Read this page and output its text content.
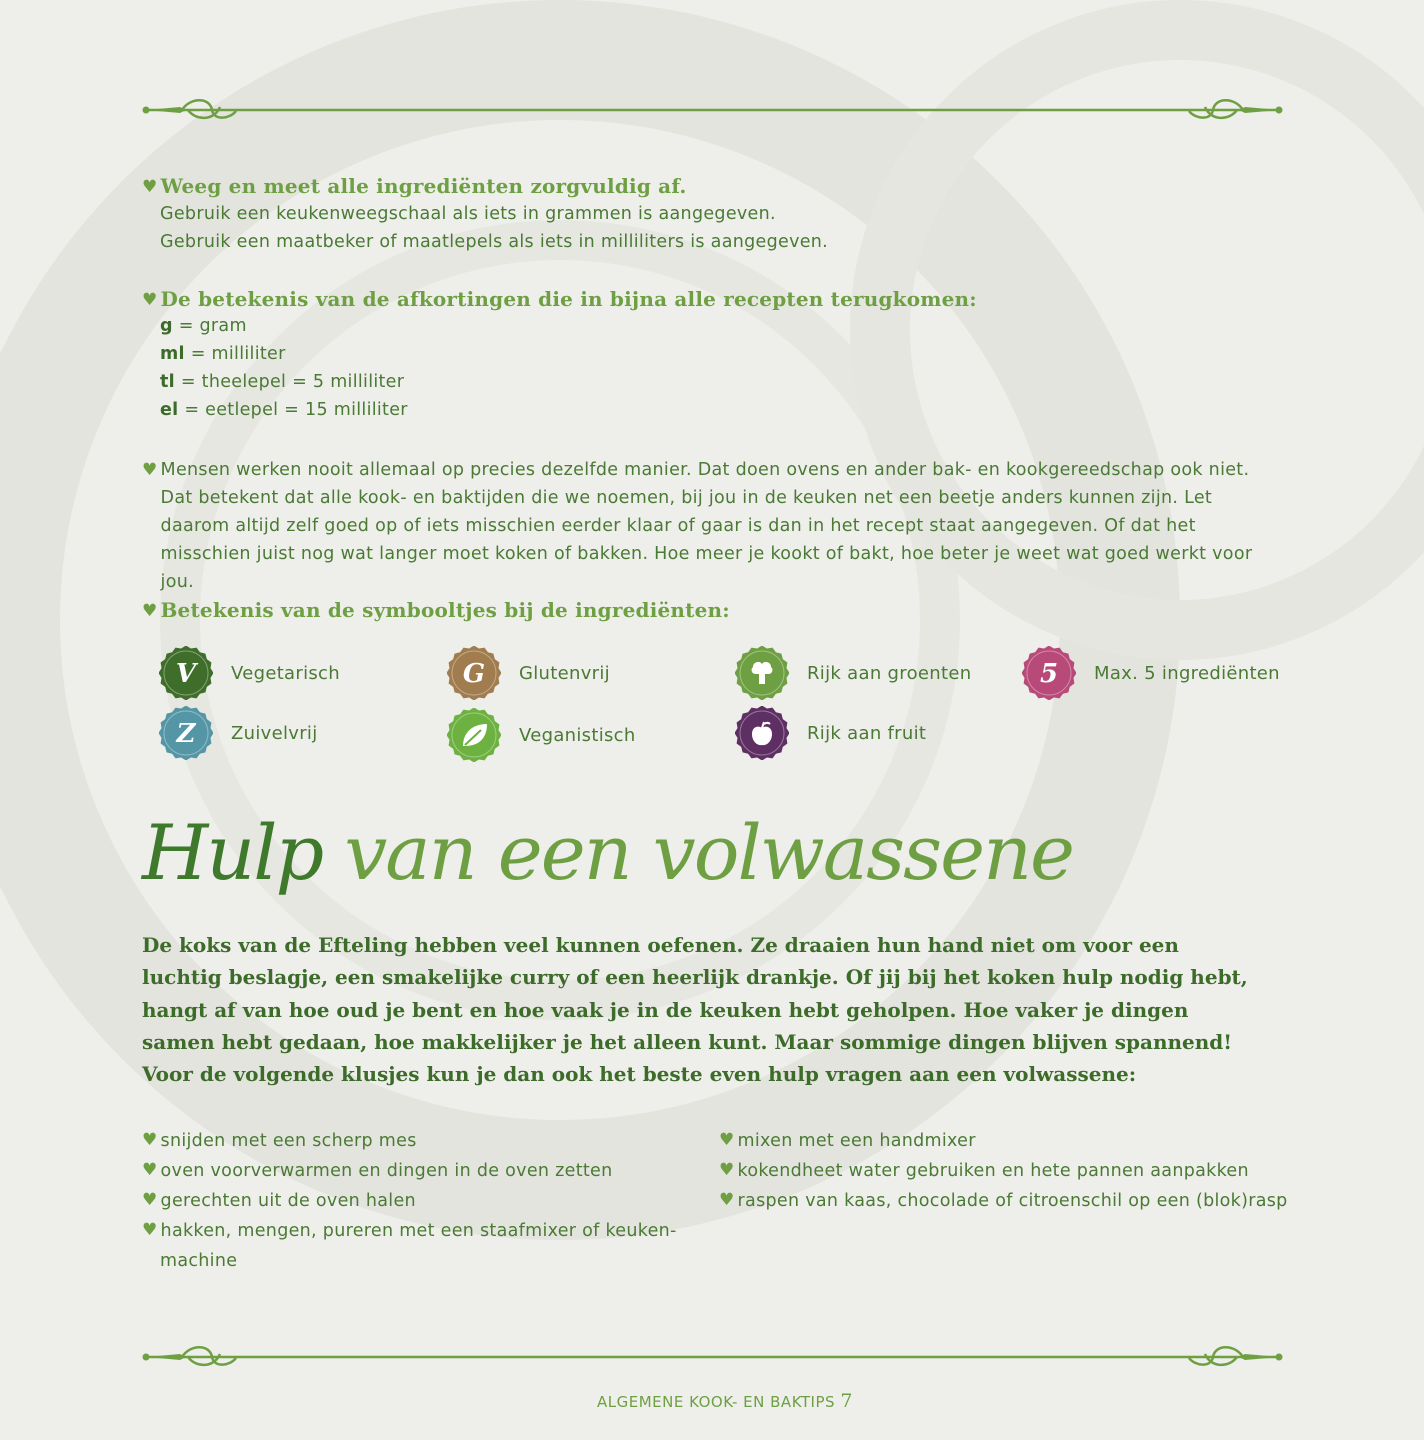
♥ Weeg en meet alle ingrediënten zorgvuldig af.
Gebruik een keukenweegschaal als iets in grammen is aangegeven.
Gebruik een maatbeker of maatlepels als iets in milliliters is aangegeven.
♥ De betekenis van de afkortingen die in bijna alle recepten terugkomen:
g = gram
ml = milliliter
tl = theelepel = 5 milliliter
el = eetlepel = 15 milliliter
♥ Mensen werken nooit allemaal op precies dezelfde manier. Dat doen ovens en ander bak- en kookgereedschap ook niet. Dat betekent dat alle kook- en baktijden die we noemen, bij jou in de keuken net een beetje anders kunnen zijn. Let daarom altijd zelf goed op of iets misschien eerder klaar of gaar is dan in het recept staat aangegeven. Of dat het misschien juist nog wat langer moet koken of bakken. Hoe meer je kookt of bakt, hoe beter je weet wat goed werkt voor jou.
♥ Betekenis van de symbooltjes bij de ingrediënten:
V Vegetarisch	G Glutenvrij	Rijk aan groenten	5 Max. 5 ingrediënten
Z Zuivelvrij	Veganistisch	Rijk aan fruit
Hulp van een volwassene
De koks van de Efteling hebben veel kunnen oefenen. Ze draaien hun hand niet om voor een luchtig beslagje, een smakelijke curry of een heerlijk drankje. Of jij bij het koken hulp nodig hebt, hangt af van hoe oud je bent en hoe vaak je in de keuken hebt geholpen. Hoe vaker je dingen samen hebt gedaan, hoe makkelijker je het alleen kunt. Maar sommige dingen blijven spannend! Voor de volgende klusjes kun je dan ook het beste even hulp vragen aan een volwassene:
♥ snijden met een scherp mes
♥ oven voorverwarmen en dingen in de oven zetten
♥ gerechten uit de oven halen
♥ hakken, mengen, pureren met een staafmixer of keuken-machine
♥ mixen met een handmixer
♥ kokendheet water gebruiken en hete pannen aanpakken
♥ raspen van kaas, chocolade of citroenschil op een (blok)rasp
ALGEMENE KOOK- EN BAKTIPS 7
